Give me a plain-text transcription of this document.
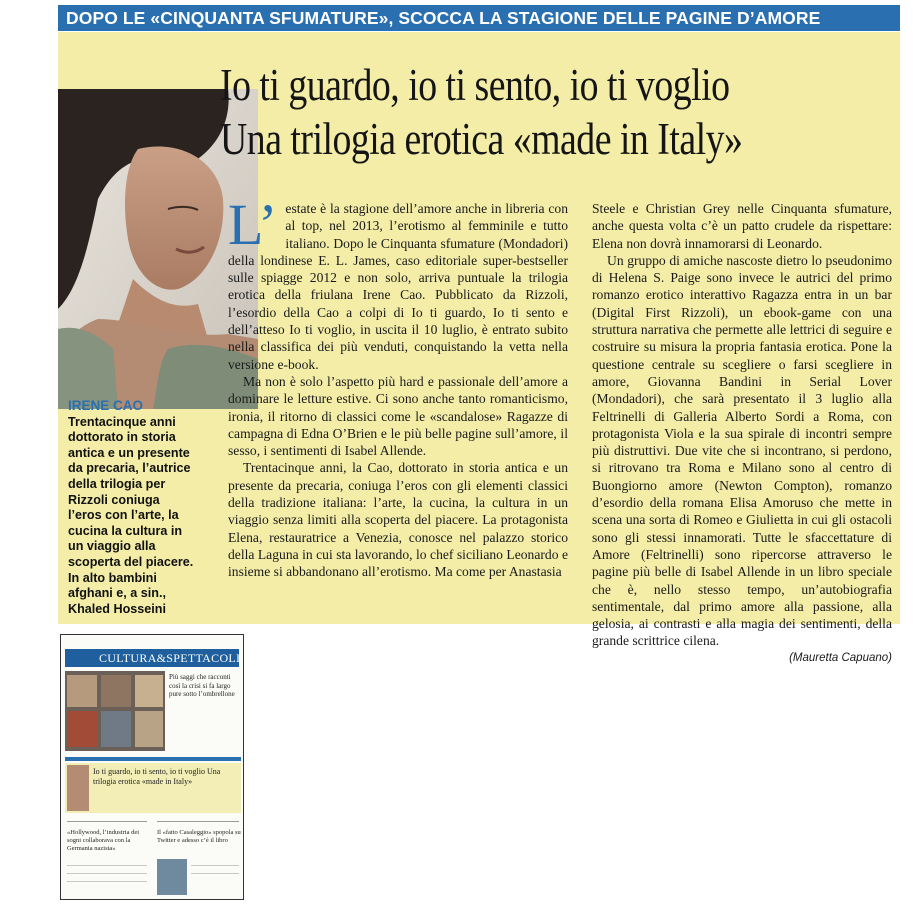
DOPO LE «CINQUANTA SFUMATURE», SCOCCA LA STAGIONE DELLE PAGINE D’AMORE
IRENE CAO
Trentacinque anni dottorato in storia antica e un presente da precaria, l’autrice della trilogia per Rizzoli coniuga l’eros con l’arte, la cucina la cultura in un viaggio alla scoperta del piacere. In alto bambini afghani e, a sin., Khaled Hosseini
Io ti guardo, io ti sento, io ti voglio
Una trilogia erotica «made in Italy»

L’ estate è la stagione dell’amore anche in libreria con al top, nel 2013, l’erotismo al femminile e tutto italiano. Dopo le Cinquanta sfumature (Mondadori) della londinese E. L. James, caso editoriale super-bestseller sulle spiagge 2012 e non solo, arriva puntuale la trilogia erotica della friulana Irene Cao. Pubblicato da Rizzoli, l’esordio della Cao a colpi di Io ti guardo, Io ti sento e dell’atteso Io ti voglio, in uscita il 10 luglio, è entrato subito nella classifica dei più venduti, conquistando la vetta nella versione e-book.

Ma non è solo l’aspetto più hard e passionale dell’amore a dominare le letture estive. Ci sono anche tanto romanticismo, ironia, il ritorno di classici come le «scandalose» Ragazze di campagna di Edna O’Brien e le più belle pagine sull’amore, il sesso, i sentimenti di Isabel Allende.

Trentacinque anni, la Cao, dottorato in storia antica e un presente da precaria, coniuga l’eros con gli elementi classici della tradizione italiana: l’arte, la cucina, la cultura in un viaggio senza limiti alla scoperta del piacere. La protagonista Elena, restauratrice a Venezia, conosce nel palazzo storico della Laguna in cui sta lavorando, lo chef siciliano Leonardo e insieme si abbandonano all’erotismo. Ma come per Anastasia

Steele e Christian Grey nelle Cinquanta sfumature, anche questa volta c’è un patto crudele da rispettare: Elena non dovrà innamorarsi di Leonardo.

Un gruppo di amiche nascoste dietro lo pseudonimo di Helena S. Paige sono invece le autrici del primo romanzo erotico interattivo Ragazza entra in un bar (Digital First Rizzoli), un ebook-game con una struttura narrativa che permette alle lettrici di seguire e costruire su misura la propria fantasia erotica. Pone la questione centrale su scegliere o farsi scegliere in amore, Giovanna Bandini in Serial Lover (Mondadori), che sarà presentato il 3 luglio alla Feltrinelli di Galleria Alberto Sordi a Roma, con protagonista Viola e la sua spirale di incontri sempre più distruttivi. Due vite che si incontrano, si perdono, si ritrovano tra Roma e Milano sono al centro di Buongiorno amore (Newton Compton), romanzo d’esordio della romana Elisa Amoruso che mette in scena una sorta di Romeo e Giulietta in cui gli ostacoli sono gli stessi innamorati. Tutte le sfaccettature di Amore (Feltrinelli) sono ripercorse attraverso le pagine più belle di Isabel Allende in un libro speciale che è, nello stesso tempo, un’autobiografia sentimentale, dal primo amore alla passione, alla gelosia, ai contrasti e alla magia dei sentimenti, della grande scrittrice cilena.

(Mauretta Capuano)
CULTURA&SPETTACOLI
Più saggi che racconti così la crisi si fa largo pure sotto l’ombrellone
Io ti guardo, io ti sento, io ti voglio Una trilogia erotica «made in Italy»
«Hollywood, l’industria dei sogni collaborava con la Germania nazista»
Il «fatto Casaleggio» spopola su Twitter e adesso c’è il libro
